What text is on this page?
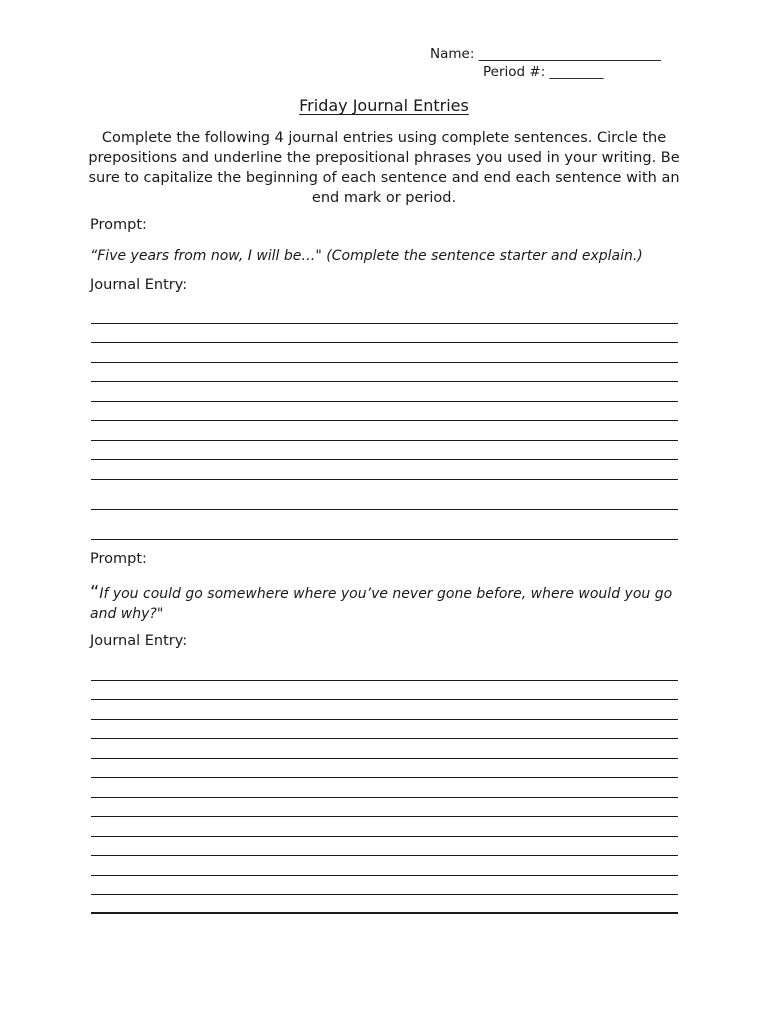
Name: ___________________________
Period #: ________
Friday Journal Entries
Complete the following 4 journal entries using complete sentences. Circle the prepositions and underline the prepositional phrases you used in your writing. Be sure to capitalize the beginning of each sentence and end each sentence with an end mark or period.
Prompt:
“Five years from now, I will be…" (Complete the sentence starter and explain.)
Journal Entry:
Prompt:
“If you could go somewhere where you’ve never gone before, where would you go and why?"
Journal Entry:
